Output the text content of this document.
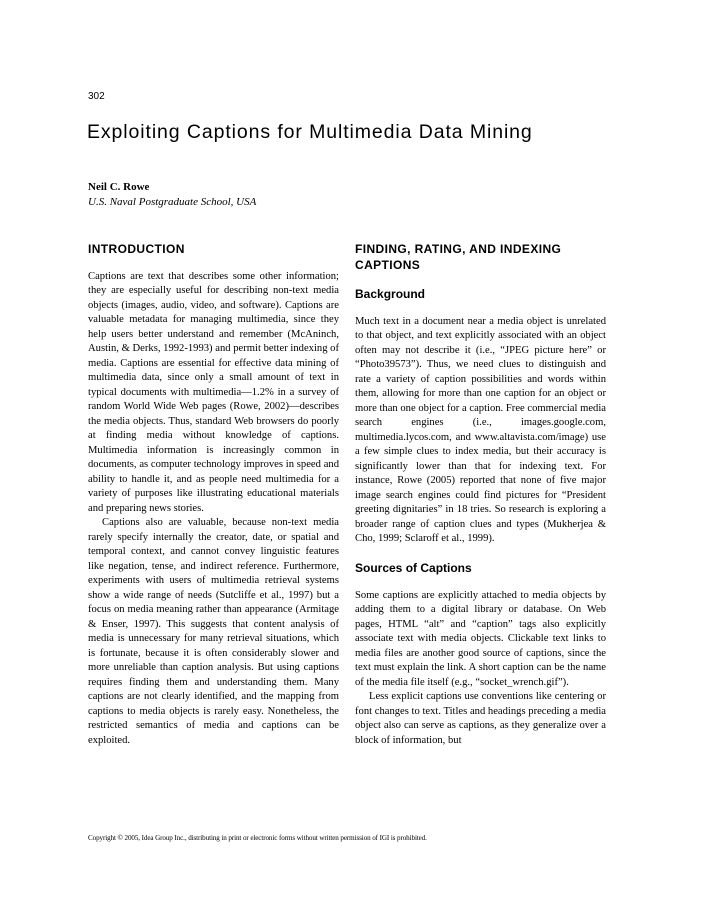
302
Exploiting Captions for Multimedia Data Mining
Neil C. Rowe
U.S. Naval Postgraduate School, USA
INTRODUCTION

Captions are text that describes some other information; they are especially useful for describing non-text media objects (images, audio, video, and software). Captions are valuable metadata for managing multimedia, since they help users better understand and remember (McAninch, Austin, & Derks, 1992-1993) and permit better indexing of media. Captions are essential for effective data mining of multimedia data, since only a small amount of text in typical documents with multimedia—1.2% in a survey of random World Wide Web pages (Rowe, 2002)—describes the media objects. Thus, standard Web browsers do poorly at finding media without knowledge of captions. Multimedia information is increasingly common in documents, as computer technology improves in speed and ability to handle it, and as people need multimedia for a variety of purposes like illustrating educational materials and preparing news stories.

Captions also are valuable, because non-text media rarely specify internally the creator, date, or spatial and temporal context, and cannot convey linguistic features like negation, tense, and indirect reference. Furthermore, experiments with users of multimedia retrieval systems show a wide range of needs (Sutcliffe et al., 1997) but a focus on media meaning rather than appearance (Armitage & Enser, 1997). This suggests that content analysis of media is unnecessary for many retrieval situations, which is fortunate, because it is often considerably slower and more unreliable than caption analysis. But using captions requires finding them and understanding them. Many captions are not clearly identified, and the mapping from captions to media objects is rarely easy. Nonetheless, the restricted semantics of media and captions can be exploited.

FINDING, RATING, AND INDEXING CAPTIONS
Background

Much text in a document near a media object is unrelated to that object, and text explicitly associated with an object often may not describe it (i.e., “JPEG picture here” or “Photo39573”). Thus, we need clues to distinguish and rate a variety of caption possibilities and words within them, allowing for more than one caption for an object or more than one object for a caption. Free commercial media search engines (i.e., images.google.com, multimedia.lycos.com, and www.altavista.com/image) use a few simple clues to index media, but their accuracy is significantly lower than that for indexing text. For instance, Rowe (2005) reported that none of five major image search engines could find pictures for “President greeting dignitaries” in 18 tries. So research is exploring a broader range of caption clues and types (Mukherjea & Cho, 1999; Sclaroff et al., 1999).

Sources of Captions

Some captions are explicitly attached to media objects by adding them to a digital library or database. On Web pages, HTML “alt” and “caption” tags also explicitly associate text with media objects. Clickable text links to media files are another good source of captions, since the text must explain the link. A short caption can be the name of the media file itself (e.g., “socket_wrench.gif”).

Less explicit captions use conventions like centering or font changes to text. Titles and headings preceding a media object also can serve as captions, as they generalize over a block of information, but

Copyright © 2005, Idea Group Inc., distributing in print or electronic forms without written permission of IGI is prohibited.
